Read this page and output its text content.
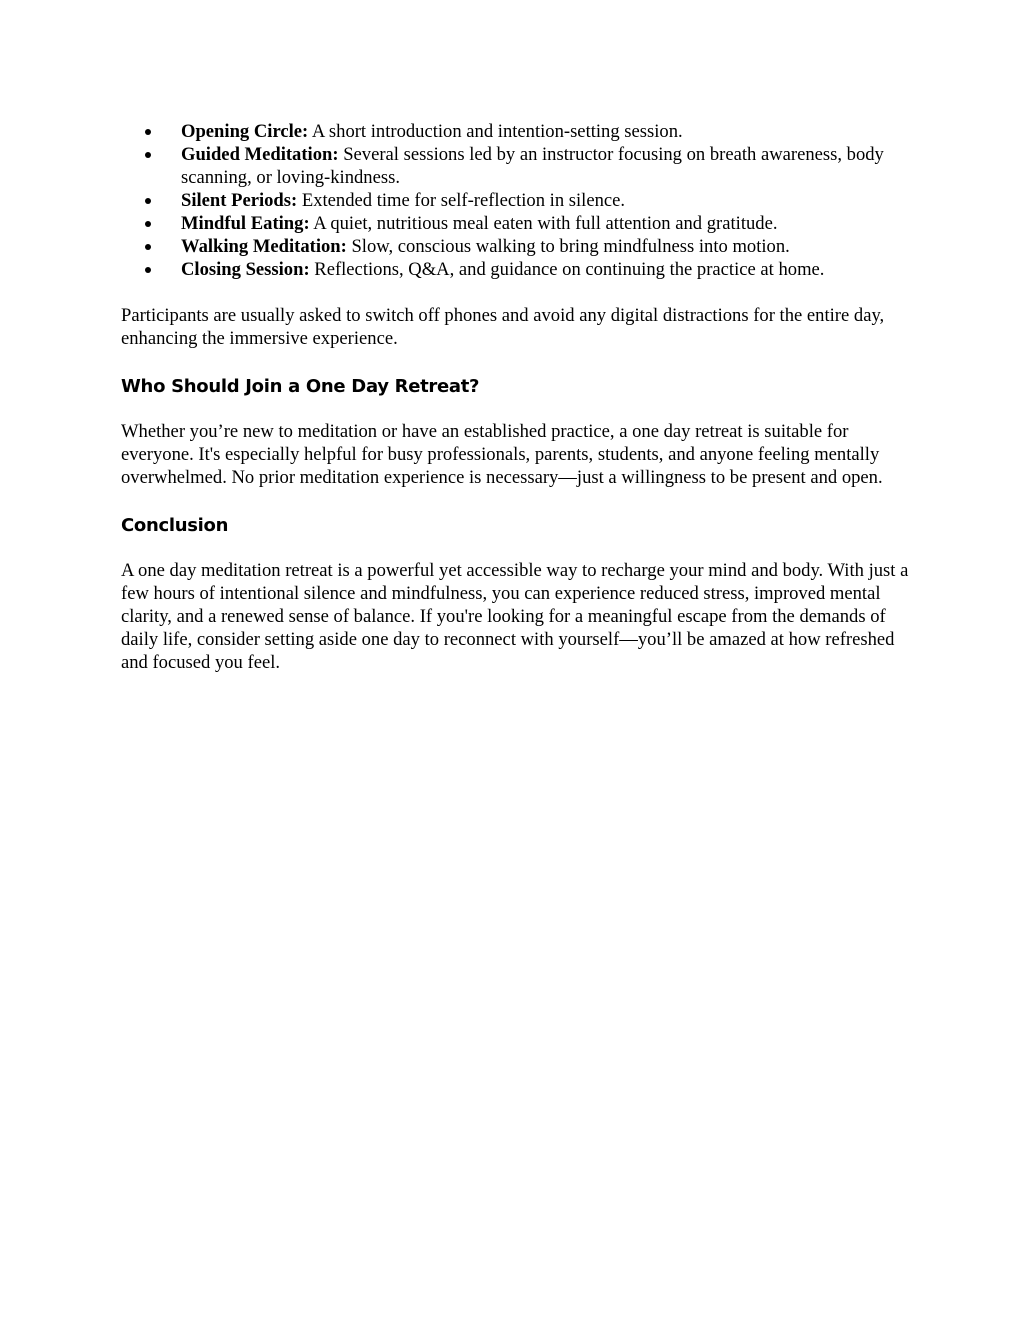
Opening Circle: A short introduction and intention-setting session.
Guided Meditation: Several sessions led by an instructor focusing on breath awareness, body scanning, or loving-kindness.
Silent Periods: Extended time for self-reflection in silence.
Mindful Eating: A quiet, nutritious meal eaten with full attention and gratitude.
Walking Meditation: Slow, conscious walking to bring mindfulness into motion.
Closing Session: Reflections, Q&A, and guidance on continuing the practice at home.

Participants are usually asked to switch off phones and avoid any digital distractions for the entire day, enhancing the immersive experience.

Who Should Join a One Day Retreat?

Whether you’re new to meditation or have an established practice, a one day retreat is suitable for everyone. It's especially helpful for busy professionals, parents, students, and anyone feeling mentally overwhelmed. No prior meditation experience is necessary—just a willingness to be present and open.

Conclusion

A one day meditation retreat is a powerful yet accessible way to recharge your mind and body. With just a few hours of intentional silence and mindfulness, you can experience reduced stress, improved mental clarity, and a renewed sense of balance. If you're looking for a meaningful escape from the demands of daily life, consider setting aside one day to reconnect with yourself—you’ll be amazed at how refreshed and focused you feel.
